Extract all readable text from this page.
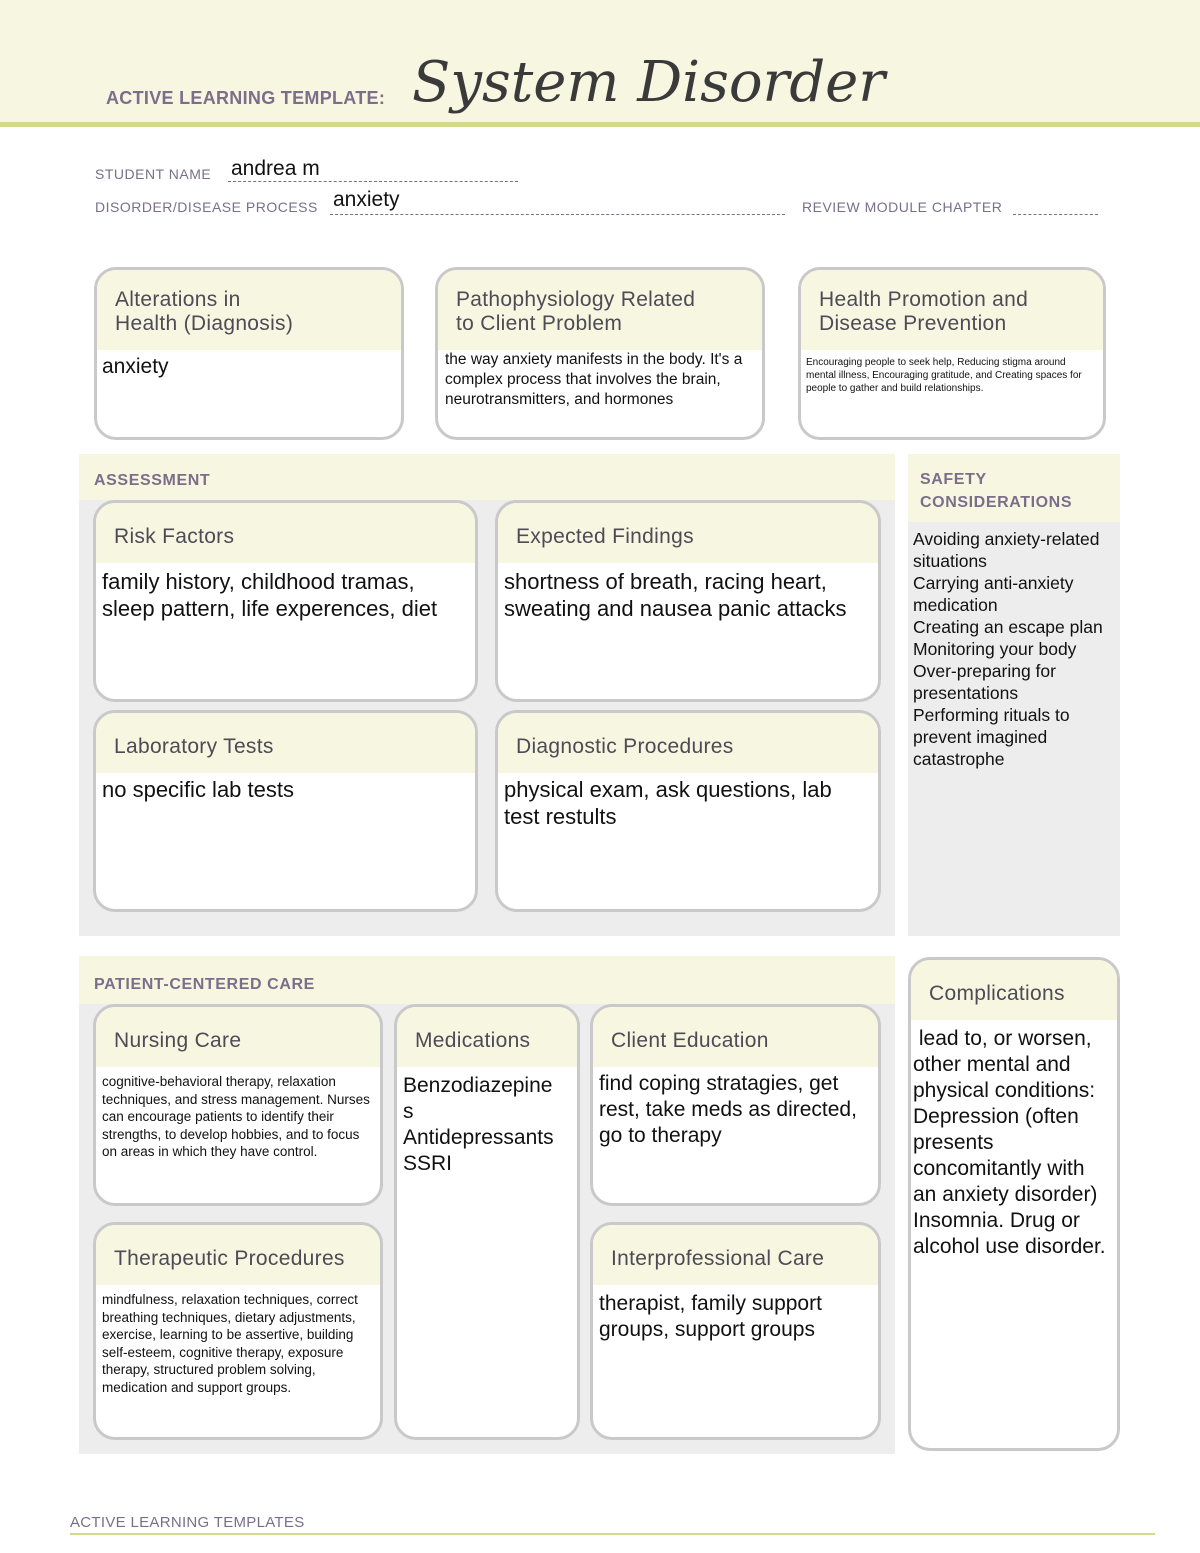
ACTIVE LEARNING TEMPLATE: System Disorder
STUDENT NAME andrea m
DISORDER/DISEASE PROCESS anxiety	REVIEW MODULE CHAPTER
Alterations in
Health (Diagnosis)
anxiety
Pathophysiology Related
to Client Problem
the way anxiety manifests in the body. It's a complex process that involves the brain, neurotransmitters, and hormones
Health Promotion and
Disease Prevention
Encouraging people to seek help, Reducing stigma around mental illness, Encouraging gratitude, and Creating spaces for people to gather and build relationships.
ASSESSMENT
Risk Factors
family history, childhood tramas, sleep pattern, life experences, diet
Expected Findings
shortness of breath, racing heart, sweating and nausea panic attacks
Laboratory Tests
no specific lab tests
Diagnostic Procedures
physical exam, ask questions, lab test restults
SAFETY
CONSIDERATIONS
Avoiding anxiety-related situations
Carrying anti-anxiety medication
Creating an escape plan
Monitoring your body
Over-preparing for presentations
Performing rituals to prevent imagined catastrophe
PATIENT-CENTERED CARE
Nursing Care
cognitive-behavioral therapy, relaxation techniques, and stress management. Nurses can encourage patients to identify their strengths, to develop hobbies, and to focus on areas in which they have control.
Medications
Benzodiazepine
s
Antidepressants
SSRI
Client Education
find coping stratagies, get rest, take meds as directed, go to therapy
Therapeutic Procedures
mindfulness, relaxation techniques, correct breathing techniques, dietary adjustments, exercise, learning to be assertive, building self-esteem, cognitive therapy, exposure therapy, structured problem solving, medication and support groups.
Interprofessional Care
therapist, family support groups, support groups
Complications
lead to, or worsen, other mental and physical conditions: Depression (often presents concomitantly with an anxiety disorder) Insomnia. Drug or alcohol use disorder.
ACTIVE LEARNING TEMPLATES
